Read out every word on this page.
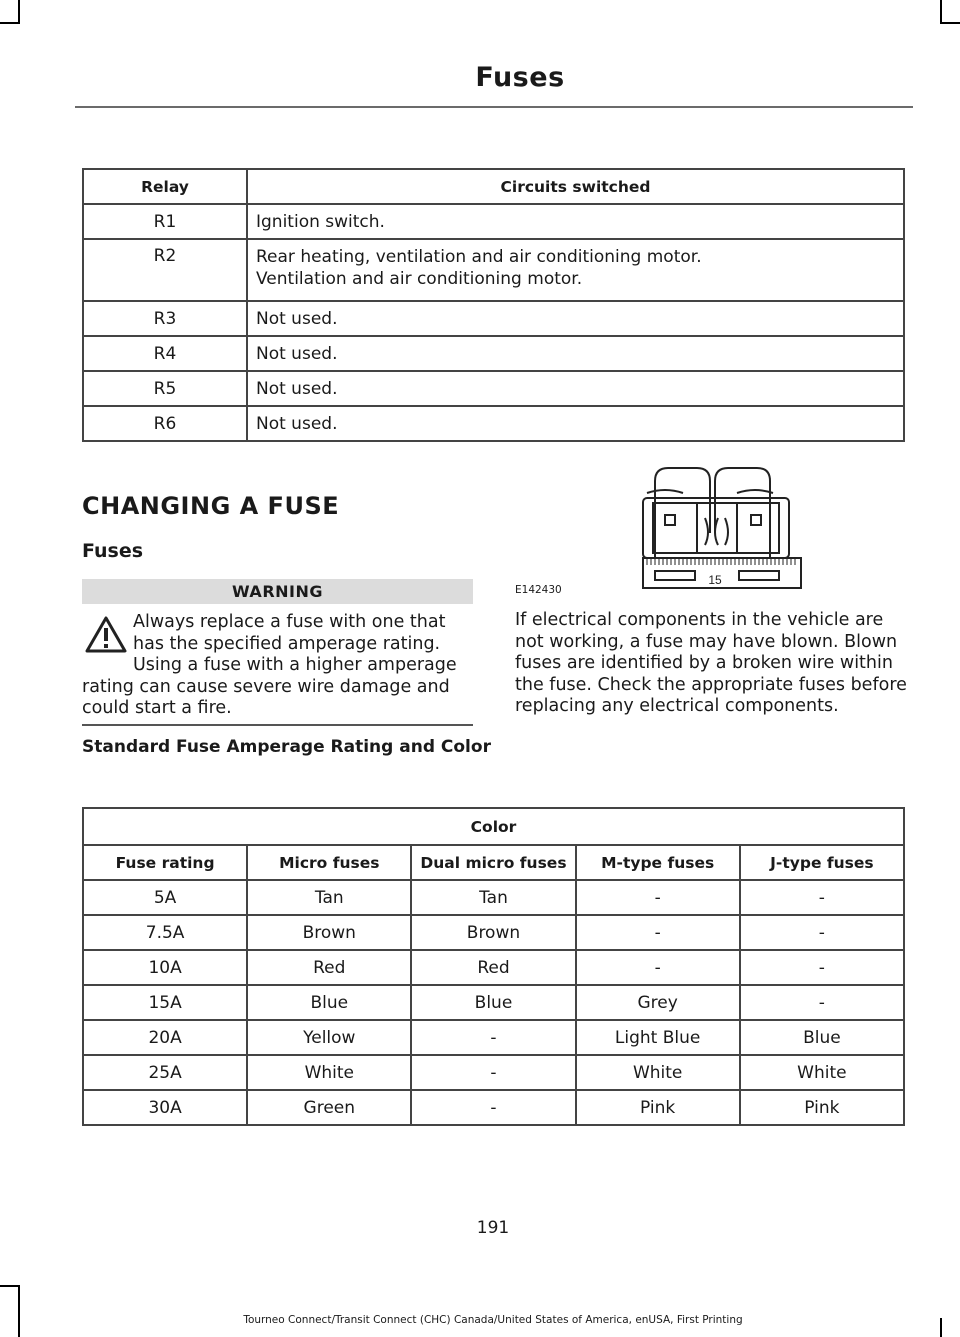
Fuses
Relay	Circuits switched
R1	Ignition switch.
R2	Rear heating, ventilation and air conditioning motor.
Ventilation and air conditioning motor.

R3	Not used.
R4	Not used.
R5	Not used.
R6	Not used.
CHANGING A FUSE
Fuses
WARNING
Always replace a fuse with one that
has the specified amperage rating.
Using a fuse with a higher amperage
rating can cause severe wire damage and could start a fire.
15
E142430
If electrical components in the vehicle are not working, a fuse may have blown. Blown fuses are identified by a broken wire within the fuse. Check the appropriate fuses before replacing any electrical components.
Standard Fuse Amperage Rating and Color
Color				
Fuse rating	Micro fuses	Dual micro fuses	M-type fuses	J-type fuses
5A	Tan	Tan	-	-
7.5A	Brown	Brown	-	-
10A	Red	Red	-	-
15A	Blue	Blue	Grey	-
20A	Yellow	-	Light Blue	Blue
25A	White	-	White	White
30A	Green	-	Pink	Pink
191
Tourneo Connect/Transit Connect (CHC) Canada/United States of America, enUSA, First Printing
